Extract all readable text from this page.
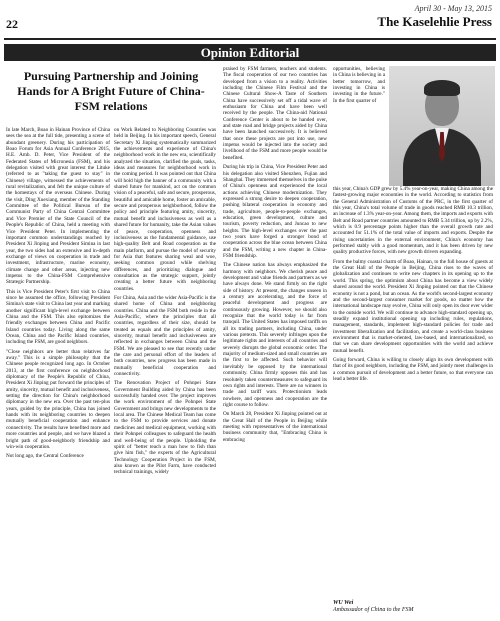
22
April 30 - May 13, 2015
The Kaselehlie Press
Opinion Editorial
Pursuing Partnership and Joining Hands for A Bright Future of China-FSM relations

In late March, Boao in Hainan Province of China sees the sea at the full tide, presenting a scene of abundant greenery. During his participation of Boao Forum for Asia Annual Conference 2015, H.E. Amb. D. Peter, Vice President of the Federated States of Micronesia (FSM), and his delegation visited with great interest the Lituke (referred to as "taking the guest to stay" in Chinese) village, witnessed the achievements of rural revitalization, and felt the unique culture of the homestays of the overseas Chinese. During the visit, Ding Xuexiang, member of the Standing Committee of the Political Bureau of the Communist Party of China Central Committee and Vice Premier of the State Council of the People's Republic of China, held a meeting with Vice President Peter. In implementing the important common understandings reached by President Xi Jinping and President Simina in last year, the two sides had an extensive and in-depth exchange of views on cooperation in trade and investment, infrastructure, marine economy, climate change and other areas, injecting new impetus to the China-FSM Comprehensive Strategic Partnership.

This is Vice President Peter's first visit to China since he assumed the office, following President Simina's state visit to China last year and marking another significant high-level exchange between China and the FSM. This also epitomizes the friendly exchanges between China and Pacific Island countries today. Living along the same Ocean, China and the Pacific Island countries, including the FSM, are good neighbors.

"Close neighbors are better than relatives far away." This is a simple philosophy that the Chinese people recognized long ago. In October 2013, at the first conference on neighborhood diplomacy of the People's Republic of China, President Xi Jinping put forward the principles of amity, sincerity, mutual benefit and inclusiveness, setting the direction for China's neighborhood diplomacy in the new era. Over the past ten-plus years, guided by the principle, China has joined hands with its neighboring countries to deepen mutually beneficial cooperation and enhance connectivity. The results have benefited more and more countries and people, and we have blazed a bright path of good-neighborly friendship and win-win cooperation.

Not long ago, the Central Conference

on Work Related to Neighboring Countries was held in Beijing. In his important speech, General Secretary Xi Jinping systematically summarized the achievements and experience of China's neighborhood work in the new era, scientifically analyzed the situation, clarified the goals, tasks, ideas and measures for neighborhood work in the coming period. It was pointed out that China will hold high the banner of a community with a shared future for mankind, act on the common vision of a peaceful, safe and secure, prosperous, beautiful and amicable home, foster an amicable, secure and prosperous neighborhood, follow the policy and principle featuring amity, sincerity, mutual benefit and inclusiveness as well as a shared future for humanity, take the Asian values of peace, cooperation, openness and inclusiveness as the fundamental guidance, use high-quality Belt and Road cooperation as the main platform, and pursue the model of security for Asia that features sharing weal and woe, seeking common ground while shelving differences, and prioritizing dialogue and consultation as the strategic support, jointly creating a better future with neighboring countries.

For China, Asia and the wider Asia-Pacific is the shared home of China and neighboring countries. China and the FSM both reside in the Asia-Pacific, where the principles that all countries, regardless of their size, should be treated as equals and the principles of amity, sincerity, mutual benefit and inclusiveness are reflected in exchanges between China and the FSM. We are pleased to see that recently under the care and personal effort of the leaders of both countries, new progress has been made in mutually beneficial cooperation and connectivity.

The Renovation Project of Pohnpei State Government Building aided by China has been successfully handed over. The project improves the work environment of the Pohnpei State Government and brings new developments to the local area. The Chinese Medical Team has come to the FSM to provide services and donate medicines and medical equipment, working with their Pohnpei colleagues to safeguard the health and well-being of the people. Upholding the spirit of "better teach a man how to fish than give him fish," the experts of the Agricultural Technology Cooperation Project in the FSM, also known as the Pilot Farm, have conducted technical trainings, widely

praised by FSM farmers, teachers and students. The fiscal cooperation of our two countries has developed from a vision to a reality. Activities including the Chinese Film Festival and the Chinese Cultural Show-A Taste of Southern China have successively set off a tidal wave of enthusiasm for China and have been well received by the people. The China-aid National Conference Center is about to be handed over, and state road and bridge projects aided by China have been launched successively. It is believed that once these projects are put into use, new impetus would be injected into the society and livelihood of the FSM and more people would be benefited.

During his trip in China, Vice President Peter and his delegation also visited Shenzhen, Fujian and Shanghai. They immersed themselves in the pulse of China's openness and experienced the local actions achieving Chinese modernization. They expressed a strong desire to deepen cooperation, pushing bilateral cooperation in economy and trade, agriculture, people-to-people exchanges, education, green development, culture and tourism, poverty reduction, and Juncao to new heights. The high-level exchanges over the past two years have forged a stronger bond of cooperation across the blue ocean between China and the FSM, writing a new chapter in China-FSM friendship.

The Chinese nation has always emphasized the harmony with neighbors. We cherish peace and development and value friends and partners as we have always done. We stand firmly on the right side of history. At present, the changes unseen in a century are accelerating, and the force of peaceful development and progress are continuously growing. However, we should also recognize that the world today is far from tranquil. The United States has imposed tariffs on all its trading partners, including China, under various pretexts. This severely infringes upon the legitimate rights and interests of all countries and severely disrupts the global economic order. The majority of medium-sized and small countries are the first to be affected. Such behavior will inevitably be opposed by the international community. China firmly opposes this and has resolutely taken countermeasures to safeguard its own rights and interests. There are no winners in trade and tariff wars. Protectionism leads nowhere, and openness and cooperation are the right course to follow.

On March 28, President Xi Jinping pointed out at the Great Hall of the People in Beijing while meeting with representatives of the international business community that, "Embracing China is embracing

opportunities, believing in China is believing in a better tomorrow, and investing in China is investing in the future." In the first quarter of

this year, China's GDP grew by 5.4% year-on-year, making China among the fastest-growing major economies in the world. According to statistics from the General Administration of Customs of the PRC, in the first quarter of this year, China's total volume of trade in goods reached RMB 10.3 trillion, an increase of 1.3% year-on-year. Among them, the imports and exports with Belt and Road partner countries amounted to RMB 5.34 trillion, up by 2.2%, which is 0.9 percentage points higher than the overall growth rate and accounted for 51.1% of the total value of imports and exports. Despite the rising uncertainties in the external environment, China's economy has performed stably with a good momentum, and it has been driven by new quality productive forces, with new growth drivers expanding.

From the balmy coastal charm of Boao, Hainan, to the full house of guests at the Great Hall of the People in Beijing, China rises to the waves of globalization and continues to write new chapters in its opening up to the world. This spring, the optimism about China has become a view widely shared around the world. President Xi Jinping pointed out that the Chinese economy is not a pond, but an ocean. As the world's second-largest economy and the second-largest consumer market for goods, no matter how the international landscape may evolve, China will only open its door ever wider to the outside world. We will continue to advance high-standard opening up, steadily expand institutional opening up including rules, regulations, management, standards, implement high-standard policies for trade and investment liberalization and facilitation, and create a world-class business environment that is market-oriented, law-based, and internationalized, so that we can share development opportunities with the world and achieve mutual benefit.

Going forward, China is willing to closely align its own development with that of its good neighbors, including the FSM, and jointly meet challenges in a common pursuit of development and a better future, so that everyone can lead a better life.

WU Wei
Ambassador of China to the FSM
